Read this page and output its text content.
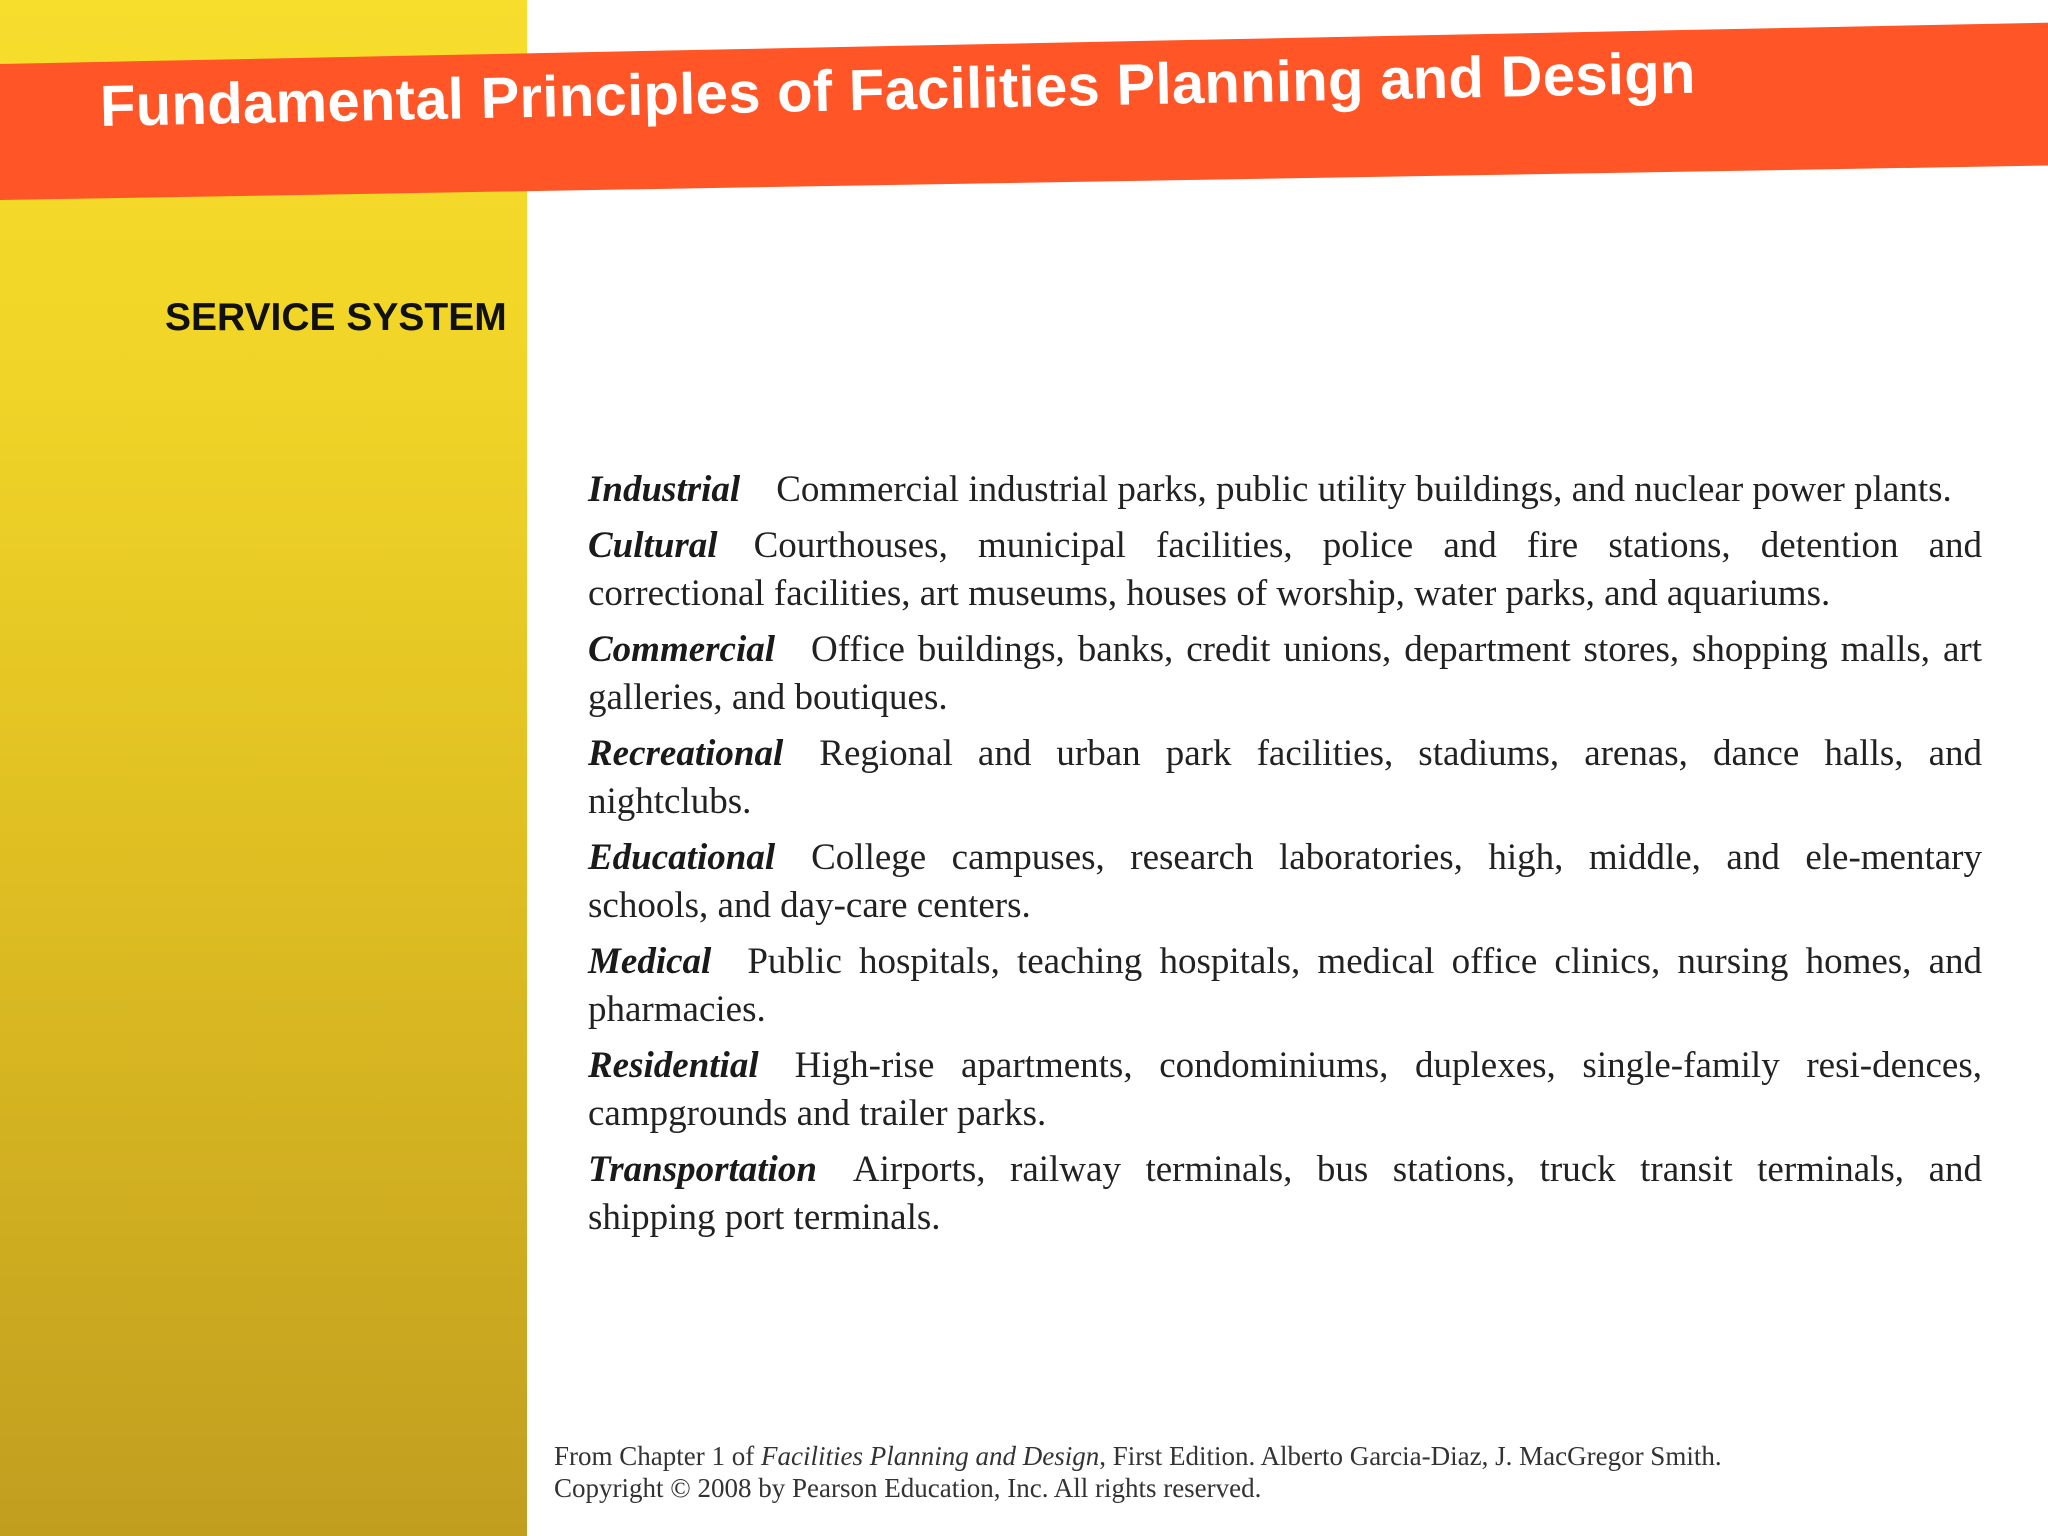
Fundamental Principles of Facilities Planning and Design

SERVICE SYSTEM

Industrial Commercial industrial parks, public utility buildings, and nuclear power plants.

Cultural Courthouses, municipal facilities, police and fire stations, detention and correctional facilities, art museums, houses of worship, water parks, and aquariums.

Commercial Office buildings, banks, credit unions, department stores, shopping malls, art galleries, and boutiques.

Recreational Regional and urban park facilities, stadiums, arenas, dance halls, and nightclubs.

Educational College campuses, research laboratories, high, middle, and ele-mentary schools, and day-care centers.

Medical Public hospitals, teaching hospitals, medical office clinics, nursing homes, and pharmacies.

Residential High-rise apartments, condominiums, duplexes, single-family resi-dences, campgrounds and trailer parks.

Transportation Airports, railway terminals, bus stations, truck transit terminals, and shipping port terminals.

From Chapter 1 of Facilities Planning and Design, First Edition. Alberto Garcia-Diaz, J. MacGregor Smith. Copyright © 2008 by Pearson Education, Inc. All rights reserved.
